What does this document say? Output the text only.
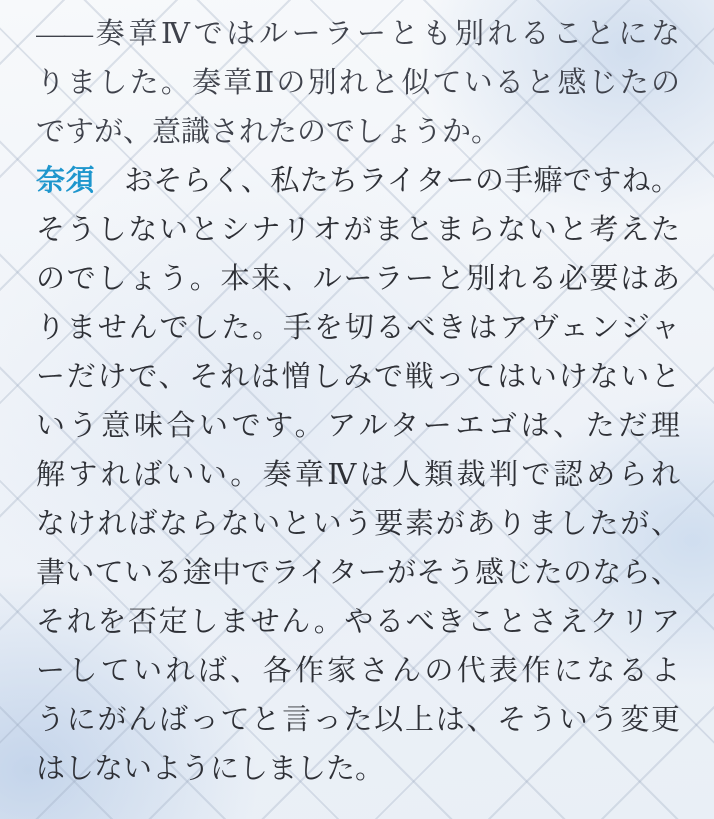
――奏章Ⅳではルーラーとも別れることにな
りました。奏章Ⅱの別れと似ていると感じたの
ですが、意識されたのでしょうか。
奈須　おそらく、私たちライターの手癖ですね。
そうしないとシナリオがまとまらないと考えた
のでしょう。本来、ルーラーと別れる必要はあ
りませんでした。手を切るべきはアヴェンジャ
ーだけで、それは憎しみで戦ってはいけないと
いう意味合いです。アルターエゴは、ただ理
解すればいい。奏章Ⅳは人類裁判で認められ
なければならないという要素がありましたが、
書いている途中でライターがそう感じたのなら、
それを否定しません。やるべきことさえクリア
ーしていれば、各作家さんの代表作になるよ
うにがんばってと言った以上は、そういう変更
はしないようにしました。
